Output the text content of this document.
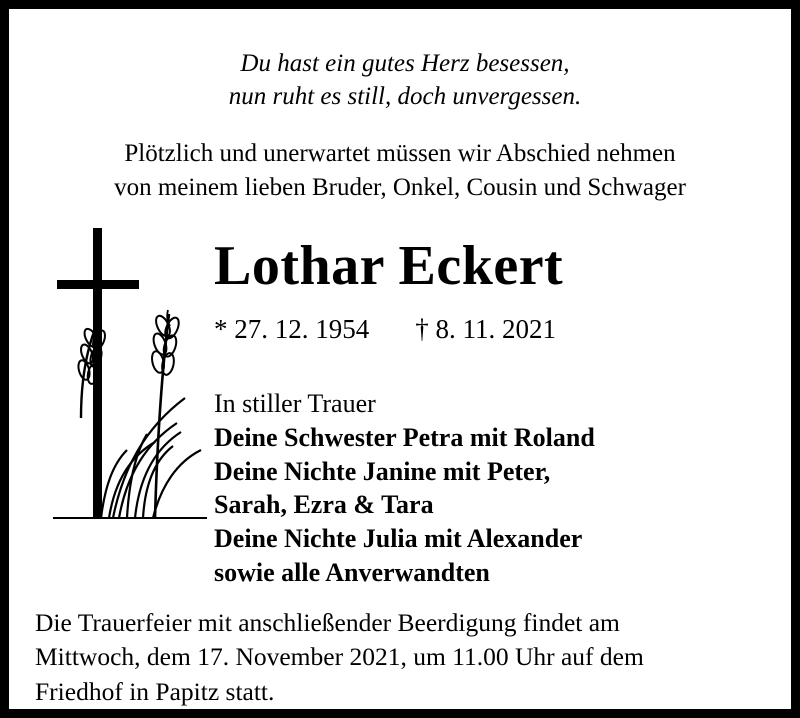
Du hast ein gutes Herz besessen,
nun ruht es still, doch unvergessen.
Plötzlich und unerwartet müssen wir Abschied nehmen
von meinem lieben Bruder, Onkel, Cousin und Schwager
Lothar Eckert
* 27. 12. 1954 † 8. 11. 2021
In stiller Trauer
Deine Schwester Petra mit Roland
Deine Nichte Janine mit Peter,
Sarah, Ezra & Tara
Deine Nichte Julia mit Alexander
sowie alle Anverwandten
Die Trauerfeier mit anschließender Beerdigung findet am
Mittwoch, dem 17. November 2021, um 11.00 Uhr auf dem
Friedhof in Papitz statt.
